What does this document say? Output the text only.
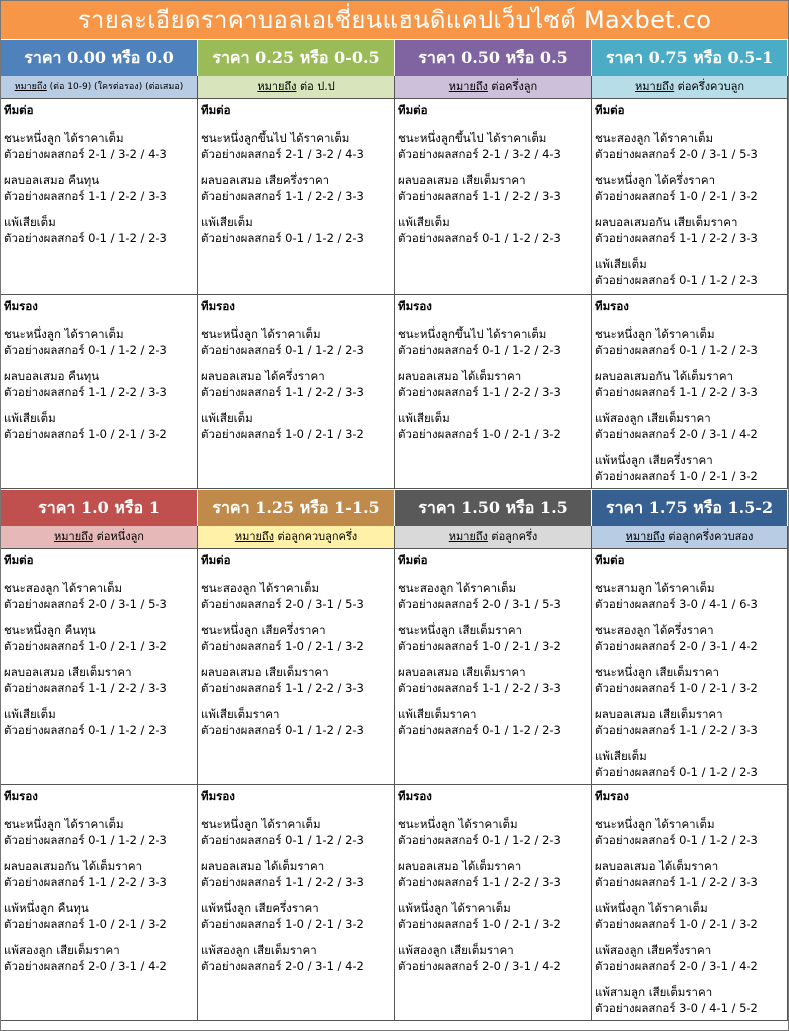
รายละเอียดราคาบอลเอเชี่ยนแฮนดิแคปเว็บไซต์ Maxbet.co
ราคา 0.00 หรือ 0.0	ราคา 0.25 หรือ 0-0.5	ราคา 0.50 หรือ 0.5	ราคา 0.75 หรือ 0.5-1
หมายถึง (ต่อ 10-9) (ใครต่อรอง) (ต่อเสมอ)	หมายถึง ต่อ ป.ป	หมายถึง ต่อครึ่งลูก	หมายถึง ต่อครึ่งควบลูก
ทีมต่อ
ชนะหนึ่งลูก ได้ราคาเต็ม
ตัวอย่างผลสกอร์ 2-1 / 3-2 / 4-3
ผลบอลเสมอ คืนทุน
ตัวอย่างผลสกอร์ 1-1 / 2-2 / 3-3
แพ้เสียเต็ม
ตัวอย่างผลสกอร์ 0-1 / 1-2 / 2-3
ทีมต่อ
ชนะหนึ่งลูกขึ้นไป ได้ราคาเต็ม
ตัวอย่างผลสกอร์ 2-1 / 3-2 / 4-3
ผลบอลเสมอ เสียครึ่งราคา
ตัวอย่างผลสกอร์ 1-1 / 2-2 / 3-3
แพ้เสียเต็ม
ตัวอย่างผลสกอร์ 0-1 / 1-2 / 2-3
ทีมต่อ
ชนะหนึ่งลูกขึ้นไป ได้ราคาเต็ม
ตัวอย่างผลสกอร์ 2-1 / 3-2 / 4-3
ผลบอลเสมอ เสียเต็มราคา
ตัวอย่างผลสกอร์ 1-1 / 2-2 / 3-3
แพ้เสียเต็ม
ตัวอย่างผลสกอร์ 0-1 / 1-2 / 2-3
ทีมต่อ
ชนะสองลูก ได้ราคาเต็ม
ตัวอย่างผลสกอร์ 2-0 / 3-1 / 5-3
ชนะหนึ่งลูก ได้ครึ่งราคา
ตัวอย่างผลสกอร์ 1-0 / 2-1 / 3-2
ผลบอลเสมอกัน เสียเต็มราคา
ตัวอย่างผลสกอร์ 1-1 / 2-2 / 3-3
แพ้เสียเต็ม
ตัวอย่างผลสกอร์ 0-1 / 1-2 / 2-3
ทีมรอง
ชนะหนึ่งลูก ได้ราคาเต็ม
ตัวอย่างผลสกอร์ 0-1 / 1-2 / 2-3
ผลบอลเสมอ คืนทุน
ตัวอย่างผลสกอร์ 1-1 / 2-2 / 3-3
แพ้เสียเต็ม
ตัวอย่างผลสกอร์ 1-0 / 2-1 / 3-2
ทีมรอง
ชนะหนึ่งลูก ได้ราคาเต็ม
ตัวอย่างผลสกอร์ 0-1 / 1-2 / 2-3
ผลบอลเสมอ ได้ครึ่งราคา
ตัวอย่างผลสกอร์ 1-1 / 2-2 / 3-3
แพ้เสียเต็ม
ตัวอย่างผลสกอร์ 1-0 / 2-1 / 3-2
ทีมรอง
ชนะหนึ่งลูกขึ้นไป ได้ราคาเต็ม
ตัวอย่างผลสกอร์ 0-1 / 1-2 / 2-3
ผลบอลเสมอ ได้เต็มราคา
ตัวอย่างผลสกอร์ 1-1 / 2-2 / 3-3
แพ้เสียเต็ม
ตัวอย่างผลสกอร์ 1-0 / 2-1 / 3-2
ทีมรอง
ชนะหนึ่งลูก ได้ราคาเต็ม
ตัวอย่างผลสกอร์ 0-1 / 1-2 / 2-3
ผลบอลเสมอกัน ได้เต็มราคา
ตัวอย่างผลสกอร์ 1-1 / 2-2 / 3-3
แพ้สองลูก เสียเต็มราคา
ตัวอย่างผลสกอร์ 2-0 / 3-1 / 4-2
แพ้หนึ่งลูก เสียครึ่งราคา
ตัวอย่างผลสกอร์ 1-0 / 2-1 / 3-2
ราคา 1.0 หรือ 1	ราคา 1.25 หรือ 1-1.5	ราคา 1.50 หรือ 1.5	ราคา 1.75 หรือ 1.5-2
หมายถึง ต่อหนึ่งลูก	หมายถึง ต่อลูกควบลูกครึ่ง	หมายถึง ต่อลูกครึ่ง	หมายถึง ต่อลูกครึ่งควบสอง
ทีมต่อ
ชนะสองลูก ได้ราคาเต็ม
ตัวอย่างผลสกอร์ 2-0 / 3-1 / 5-3
ชนะหนึ่งลูก คืนทุน
ตัวอย่างผลสกอร์ 1-0 / 2-1 / 3-2
ผลบอลเสมอ เสียเต็มราคา
ตัวอย่างผลสกอร์ 1-1 / 2-2 / 3-3
แพ้เสียเต็ม
ตัวอย่างผลสกอร์ 0-1 / 1-2 / 2-3
ทีมต่อ
ชนะสองลูก ได้ราคาเต็ม
ตัวอย่างผลสกอร์ 2-0 / 3-1 / 5-3
ชนะหนึ่งลูก เสียครึ่งราคา
ตัวอย่างผลสกอร์ 1-0 / 2-1 / 3-2
ผลบอลเสมอ เสียเต็มราคา
ตัวอย่างผลสกอร์ 1-1 / 2-2 / 3-3
แพ้เสียเต็มราคา
ตัวอย่างผลสกอร์ 0-1 / 1-2 / 2-3
ทีมต่อ
ชนะสองลูก ได้ราคาเต็ม
ตัวอย่างผลสกอร์ 2-0 / 3-1 / 5-3
ชนะหนึ่งลูก เสียเต็มราคา
ตัวอย่างผลสกอร์ 1-0 / 2-1 / 3-2
ผลบอลเสมอ เสียเต็มราคา
ตัวอย่างผลสกอร์ 1-1 / 2-2 / 3-3
แพ้เสียเต็มราคา
ตัวอย่างผลสกอร์ 0-1 / 1-2 / 2-3
ทีมต่อ
ชนะสามลูก ได้ราคาเต็ม
ตัวอย่างผลสกอร์ 3-0 / 4-1 / 6-3
ชนะสองลูก ได้ครึ่งราคา
ตัวอย่างผลสกอร์ 2-0 / 3-1 / 4-2
ชนะหนึ่งลูก เสียเต็มราคา
ตัวอย่างผลสกอร์ 1-0 / 2-1 / 3-2
ผลบอลเสมอ เสียเต็มราคา
ตัวอย่างผลสกอร์ 1-1 / 2-2 / 3-3
แพ้เสียเต็ม
ตัวอย่างผลสกอร์ 0-1 / 1-2 / 2-3
ทีมรอง
ชนะหนึ่งลูก ได้ราคาเต็ม
ตัวอย่างผลสกอร์ 0-1 / 1-2 / 2-3
ผลบอลเสมอกัน ได้เต็มราคา
ตัวอย่างผลสกอร์ 1-1 / 2-2 / 3-3
แพ้หนึ่งลูก คืนทุน
ตัวอย่างผลสกอร์ 1-0 / 2-1 / 3-2
แพ้สองลูก เสียเต็มราคา
ตัวอย่างผลสกอร์ 2-0 / 3-1 / 4-2
ทีมรอง
ชนะหนึ่งลูก ได้ราคาเต็ม
ตัวอย่างผลสกอร์ 0-1 / 1-2 / 2-3
ผลบอลเสมอ ได้เต็มราคา
ตัวอย่างผลสกอร์ 1-1 / 2-2 / 3-3
แพ้หนึ่งลูก เสียครึ่งราคา
ตัวอย่างผลสกอร์ 1-0 / 2-1 / 3-2
แพ้สองลูก เสียเต็มราคา
ตัวอย่างผลสกอร์ 2-0 / 3-1 / 4-2
ทีมรอง
ชนะหนึ่งลูก ได้ราคาเต็ม
ตัวอย่างผลสกอร์ 0-1 / 1-2 / 2-3
ผลบอลเสมอ ได้เต็มราคา
ตัวอย่างผลสกอร์ 1-1 / 2-2 / 3-3
แพ้หนึ่งลูก ได้ราคาเต็ม
ตัวอย่างผลสกอร์ 1-0 / 2-1 / 3-2
แพ้สองลูก เสียเต็มราคา
ตัวอย่างผลสกอร์ 2-0 / 3-1 / 4-2
ทีมรอง
ชนะหนึ่งลูก ได้ราคาเต็ม
ตัวอย่างผลสกอร์ 0-1 / 1-2 / 2-3
ผลบอลเสมอ ได้เต็มราคา
ตัวอย่างผลสกอร์ 1-1 / 2-2 / 3-3
แพ้หนึ่งลูก ได้ราคาเต็ม
ตัวอย่างผลสกอร์ 1-0 / 2-1 / 3-2
แพ้สองลูก เสียครึ่งราคา
ตัวอย่างผลสกอร์ 2-0 / 3-1 / 4-2
แพ้สามลูก เสียเต็มราคา
ตัวอย่างผลสกอร์ 3-0 / 4-1 / 5-2
